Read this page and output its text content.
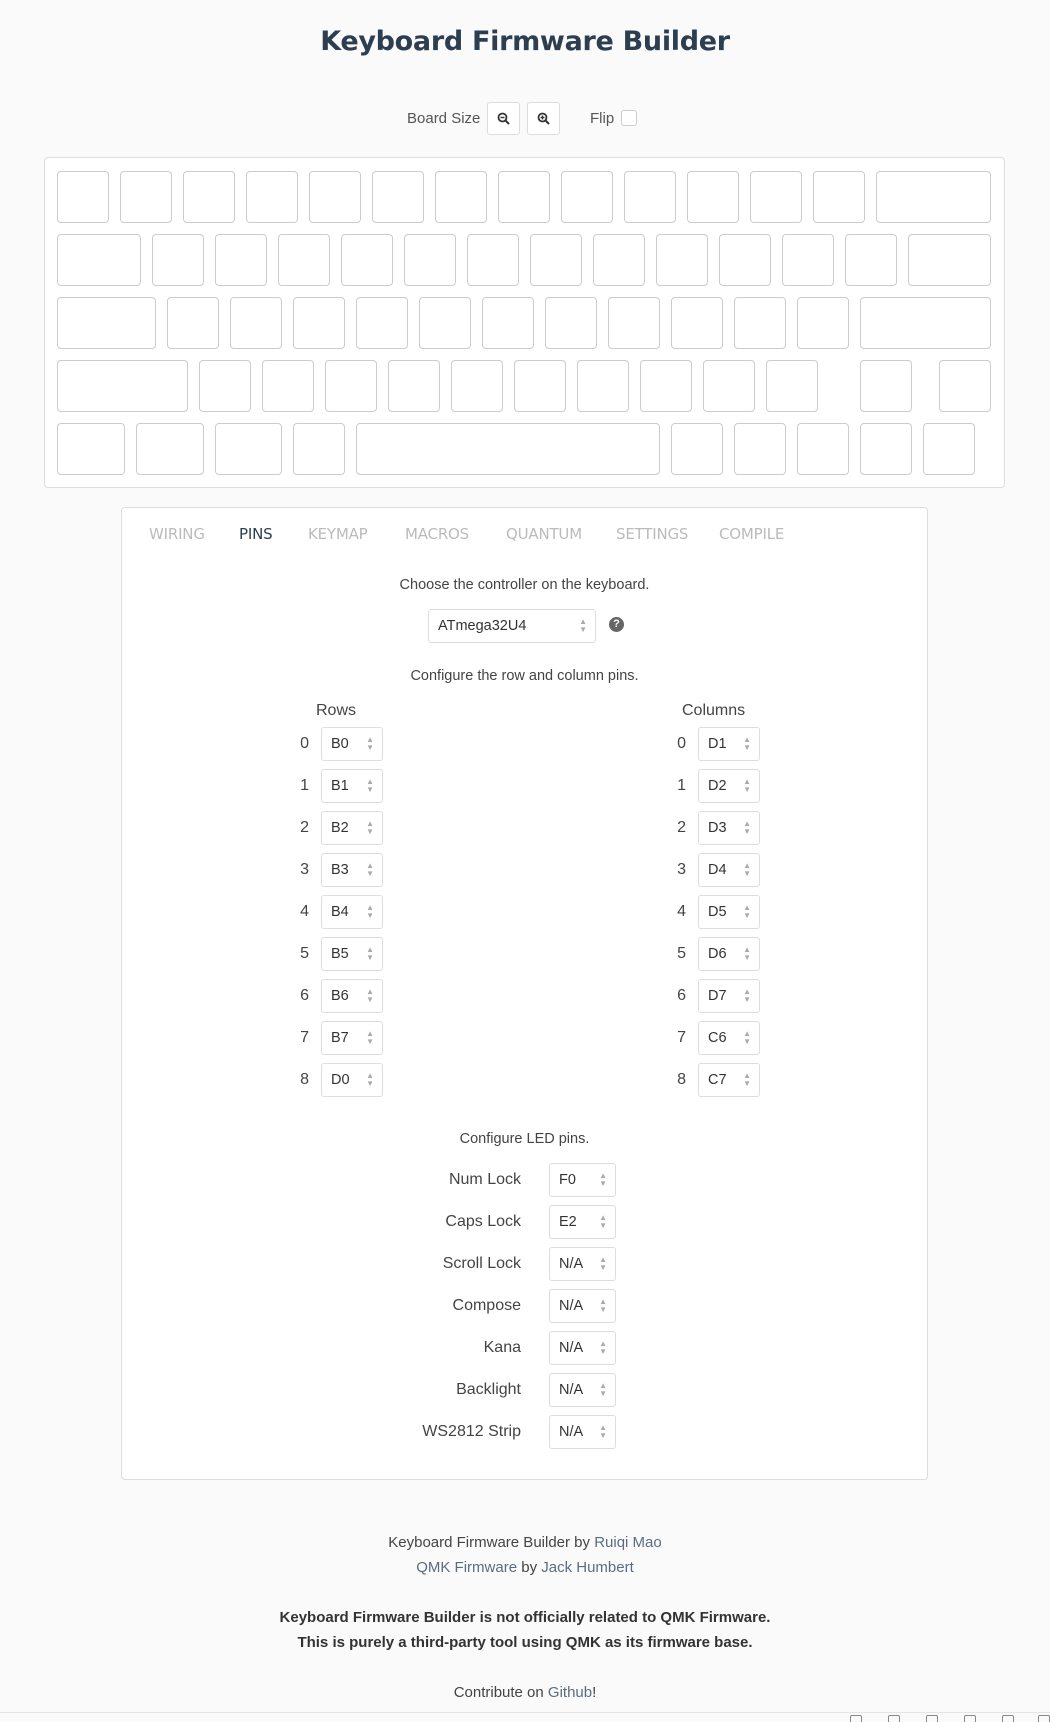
Keyboard Firmware Builder
Board Size	Flip
WIRING PINS KEYMAP MACROS QUANTUM SETTINGS COMPILE
Choose the controller on the keyboard.
ATmega32U4	▲
▼	?
Configure the row and column pins.
Rows	Columns
0 B0 ▲
▼
1 B1 ▲
▼
2 B2 ▲
▼
3 B3 ▲
▼
4 B4 ▲
▼
5 B5 ▲
▼
6 B6 ▲
▼
7 B7 ▲
▼
8 D0 ▲
▼
0 D1 ▲
▼
1 D2 ▲
▼
2 D3 ▲
▼
3 D4 ▲
▼
4 D5 ▲
▼
5 D6 ▲
▼
6 D7 ▲
▼
7 C6 ▲
▼
8 C7 ▲
▼
Configure LED pins.
Num Lock	F0	▲
▼
Caps Lock	E2	▲
▼
Scroll Lock	N/A ▲
▼
Compose	N/A ▲
▼
Kana	N/A ▲
▼
Backlight	N/A ▲
▼
WS2812 Strip	N/A ▲
▼
Keyboard Firmware Builder by Ruiqi Mao
QMK Firmware by Jack Humbert
Keyboard Firmware Builder is not officially related to QMK Firmware.
This is purely a third-party tool using QMK as its firmware base.
Contribute on Github!
